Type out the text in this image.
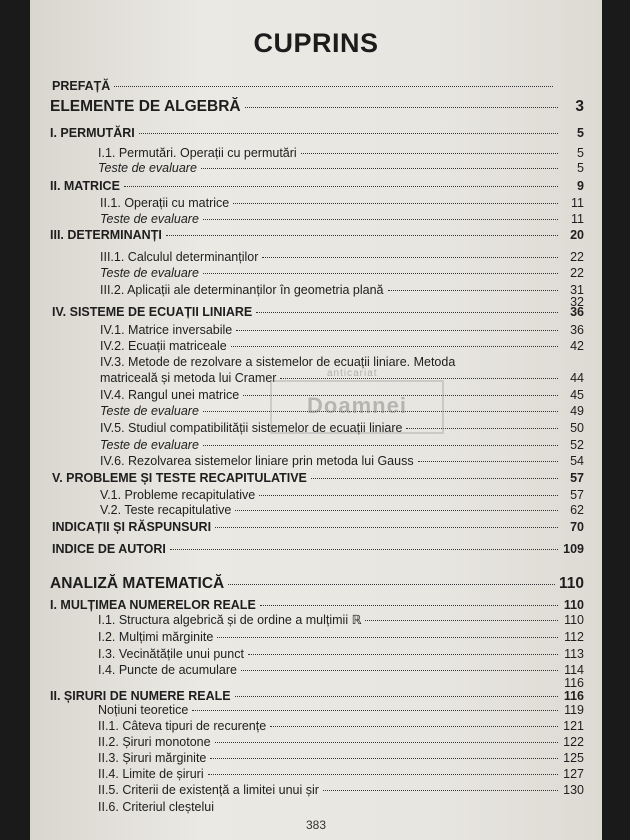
CUPRINS
PREFAȚĂ
ELEMENTE DE ALGEBRĂ	3
I. PERMUTĂRI	5
I.1. Permutări. Operații cu permutări	5
Teste de evaluare	5
II. MATRICE	9
II.1. Operații cu matrice	11
Teste de evaluare	11
III. DETERMINANȚI	20
III.1. Calculul determinanților	22
Teste de evaluare	22
III.2. Aplicații ale determinanților în geometria plană	31
32
IV. SISTEME DE ECUAȚII LINIARE	36
IV.1. Matrice inversabile	36
IV.2. Ecuații matriceale	42
IV.3. Metode de rezolvare a sistemelor de ecuații liniare. Metoda
matriceală și metoda lui Cramer	44
IV.4. Rangul unei matrice	45
Teste de evaluare	49
IV.5. Studiul compatibilității sistemelor de ecuații liniare	50
Teste de evaluare	52
IV.6. Rezolvarea sistemelor liniare prin metoda lui Gauss	54
V. PROBLEME ȘI TESTE RECAPITULATIVE	57
V.1. Probleme recapitulative	57
V.2. Teste recapitulative	62
INDICAȚII ȘI RĂSPUNSURI	70
INDICE DE AUTORI	109
ANALIZĂ MATEMATICĂ	110
I. MULȚIMEA NUMERELOR REALE	110
I.1. Structura algebrică și de ordine a mulțimii ℝ	110
I.2. Mulțimi mărginite	112
I.3. Vecinătățile unui punct	113
I.4. Puncte de acumulare	114
116
II. ȘIRURI DE NUMERE REALE	116
Noțiuni teoretice	119
II.1. Câteva tipuri de recurențe	121
II.2. Șiruri monotone	122
II.3. Șiruri mărginite	125
II.4. Limite de șiruri	127
II.5. Criterii de existență a limitei unui șir	130
II.6. Criteriul cleștelui
anticariat
Doamnei
383
